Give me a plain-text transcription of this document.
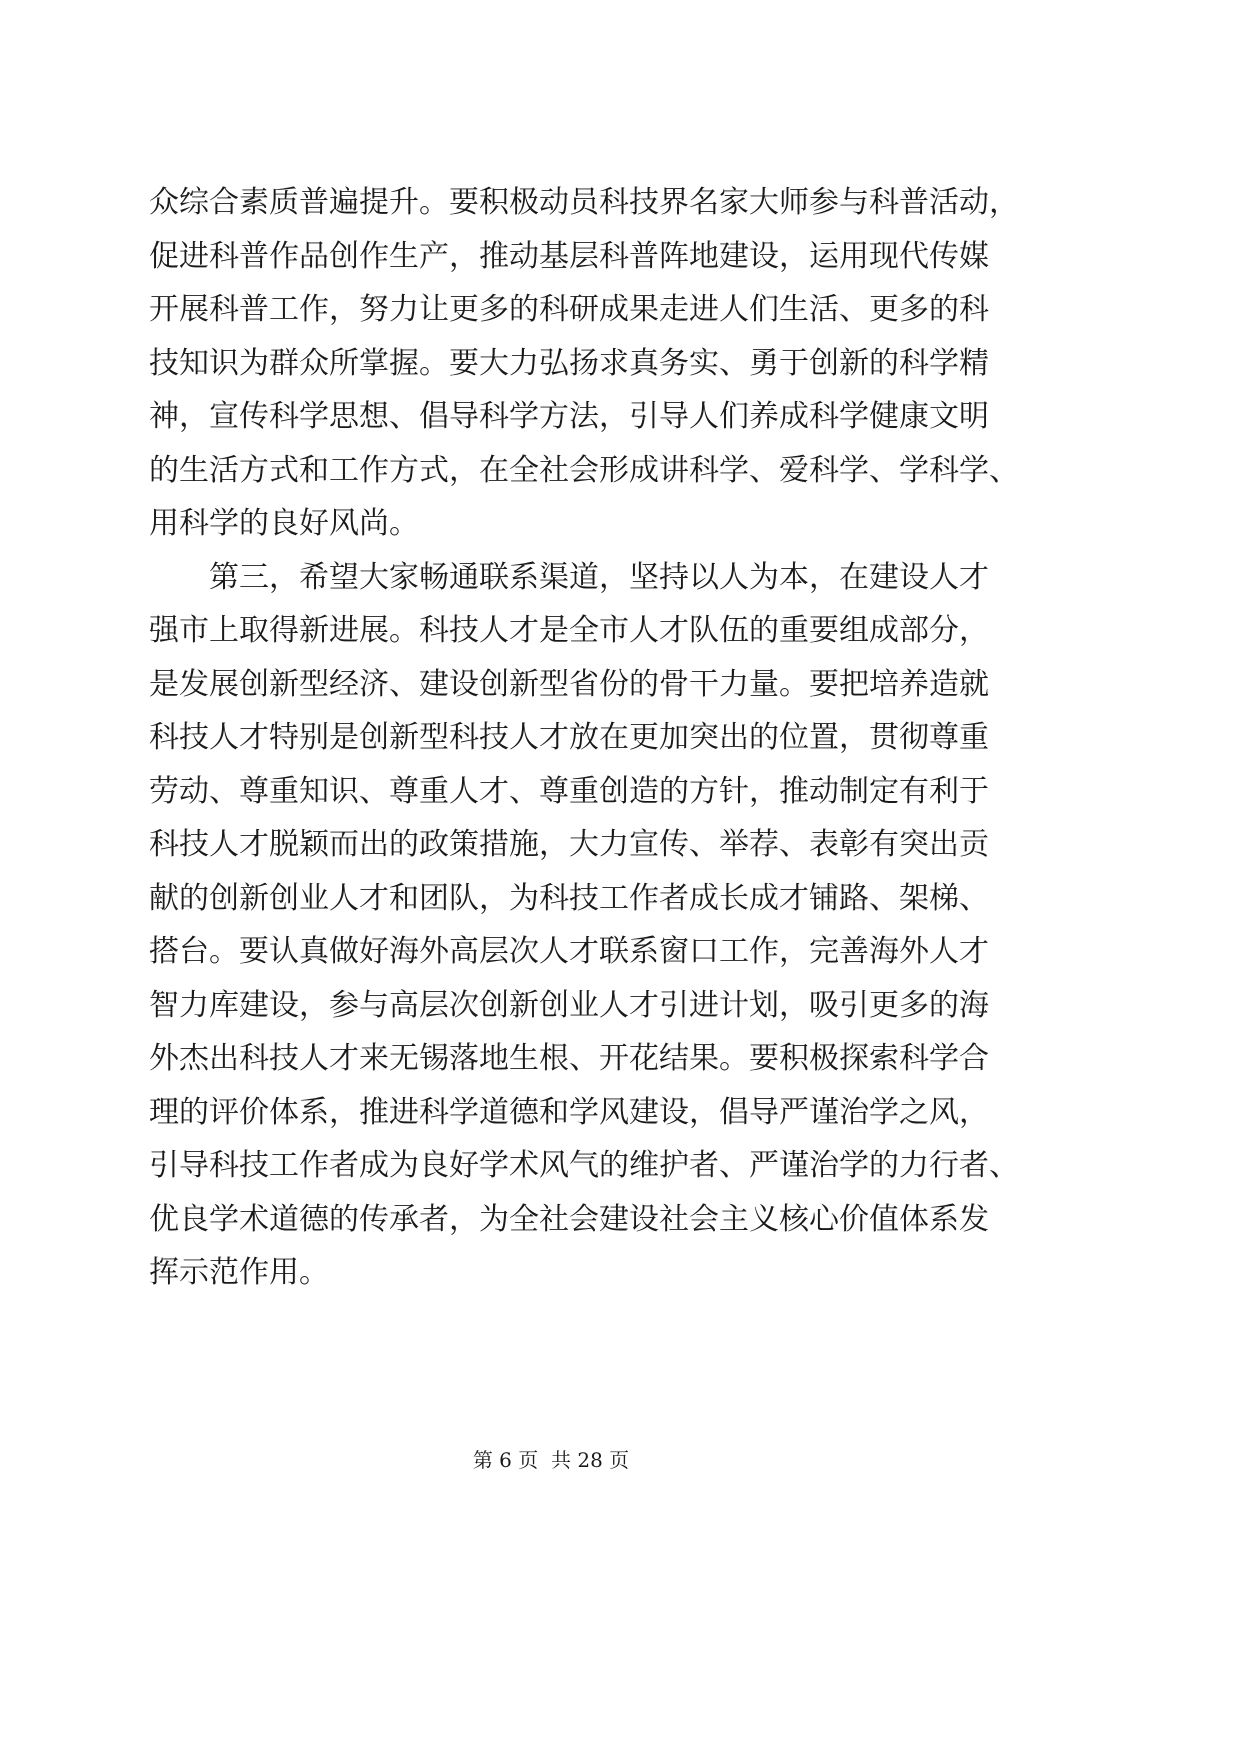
众综合素质普遍提升。要积极动员科技界名家大师参与科普活动，
促进科普作品创作生产，推动基层科普阵地建设，运用现代传媒
开展科普工作，努力让更多的科研成果走进人们生活、更多的科
技知识为群众所掌握。要大力弘扬求真务实、勇于创新的科学精
神，宣传科学思想、倡导科学方法，引导人们养成科学健康文明
的生活方式和工作方式，在全社会形成讲科学、爱科学、学科学、
用科学的良好风尚。
第三，希望大家畅通联系渠道，坚持以人为本，在建设人才
强市上取得新进展。科技人才是全市人才队伍的重要组成部分，
是发展创新型经济、建设创新型省份的骨干力量。要把培养造就
科技人才特别是创新型科技人才放在更加突出的位置，贯彻尊重
劳动、尊重知识、尊重人才、尊重创造的方针，推动制定有利于
科技人才脱颖而出的政策措施，大力宣传、举荐、表彰有突出贡
献的创新创业人才和团队，为科技工作者成长成才铺路、架梯、
搭台。要认真做好海外高层次人才联系窗口工作，完善海外人才
智力库建设，参与高层次创新创业人才引进计划，吸引更多的海
外杰出科技人才来无锡落地生根、开花结果。要积极探索科学合
理的评价体系，推进科学道德和学风建设，倡导严谨治学之风，
引导科技工作者成为良好学术风气的维护者、严谨治学的力行者、
优良学术道德的传承者，为全社会建设社会主义核心价值体系发
挥示范作用。
第 6 页  共 28 页
